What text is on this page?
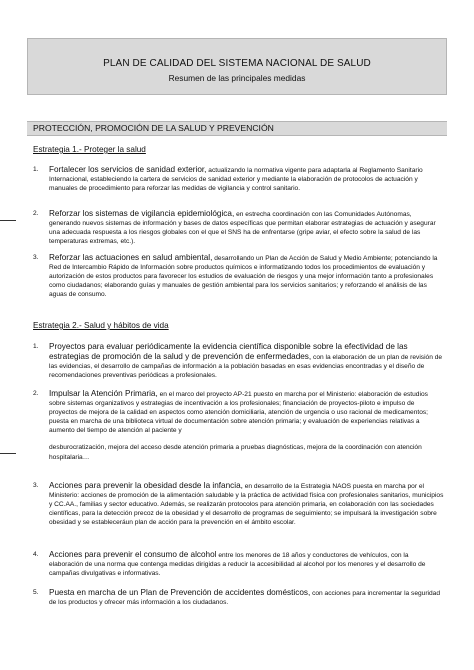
PLAN DE CALIDAD DEL SISTEMA NACIONAL DE SALUD
Resumen de las principales medidas
PROTECCIÓN, PROMOCIÓN DE LA SALUD Y PREVENCIÓN
Estrategia 1.- Proteger la salud
1.	Fortalecer los servicios de sanidad exterior, actualizando la normativa vigente para adaptarla al Reglamento Sanitario Internacional, estableciendo la cartera de servicios de sanidad exterior y mediante la elaboración de protocolos de actuación y manuales de procedimiento para reforzar las medidas de vigilancia y control sanitario.

2.	Reforzar los sistemas de vigilancia epidemiológica, en estrecha coordinación con las Comunidades Autónomas, generando nuevos sistemas de información y bases de datos específicas que permitan elaborar estrategias de actuación y asegurar una adecuada respuesta a los riesgos globales con el que el SNS ha de enfrentarse (gripe aviar, el efecto sobre la salud de las temperaturas extremas, etc.).

3.	Reforzar las actuaciones en salud ambiental, desarrollando un Plan de Acción de Salud y Medio Ambiente; potenciando la Red de Intercambio Rápido de Información sobre productos químicos e informatizando todos los procedimientos de evaluación y autorización de estos productos para favorecer los estudios de evaluación de riesgos y una mejor información tanto a profesionales como ciudadanos; elaborando guías y manuales de gestión ambiental para los servicios sanitarios; y reforzando el análisis de las aguas de consumo.

Estrategia 2.- Salud y hábitos de vida
1.	Proyectos para evaluar periódicamente la evidencia científica disponible sobre la efectividad de las estrategias de promoción de la salud y de prevención de enfermedades, con la elaboración de un plan de revisión de las evidencias, el desarrollo de campañas de información a la población basadas en esas evidencias encontradas y el diseño de recomendaciones preventivas periódicas a profesionales.

2.	Impulsar la Atención Primaria, en el marco del proyecto AP-21 puesto en marcha por el Ministerio: elaboración de estudios sobre sistemas organizativos y estrategias de incentivación a los profesionales; financiación de proyectos-piloto e impulso de proyectos de mejora de la calidad en aspectos como atención domiciliaria, atención de urgencia o uso racional de medicamentos; puesta en marcha de una biblioteca virtual de documentación sobre atención primaria; y evaluación de experiencias relativas a aumento del tiempo de atención al paciente y

desburocratización, mejora del acceso desde atención primaria a pruebas diagnósticas, mejora de la coordinación con atención hospitalaria…

3.	Acciones para prevenir la obesidad desde la infancia, en desarrollo de la Estrategia NAOS puesta en marcha por el Ministerio: acciones de promoción de la alimentación saludable y la práctica de actividad física con profesionales sanitarios, municipios y CC.AA., familias y sector educativo. Además, se realizarán protocolos para atención primaria, en colaboración con las sociedades científicas, para la detección precoz de la obesidad y el desarrollo de programas de seguimiento; se impulsará la investigación sobre obesidad y se estableceráun plan de acción para la prevención en el ámbito escolar.

4.	Acciones para prevenir el consumo de alcohol entre los menores de 18 años y conductores de vehículos, con la elaboración de una norma que contenga medidas dirigidas a reducir la accesibilidad al alcohol por los menores y el desarrollo de campañas divulgativas e informativas.

5.	Puesta en marcha de un Plan de Prevención de accidentes domésticos, con acciones para incrementar la seguridad de los productos y ofrecer más información a los ciudadanos.
